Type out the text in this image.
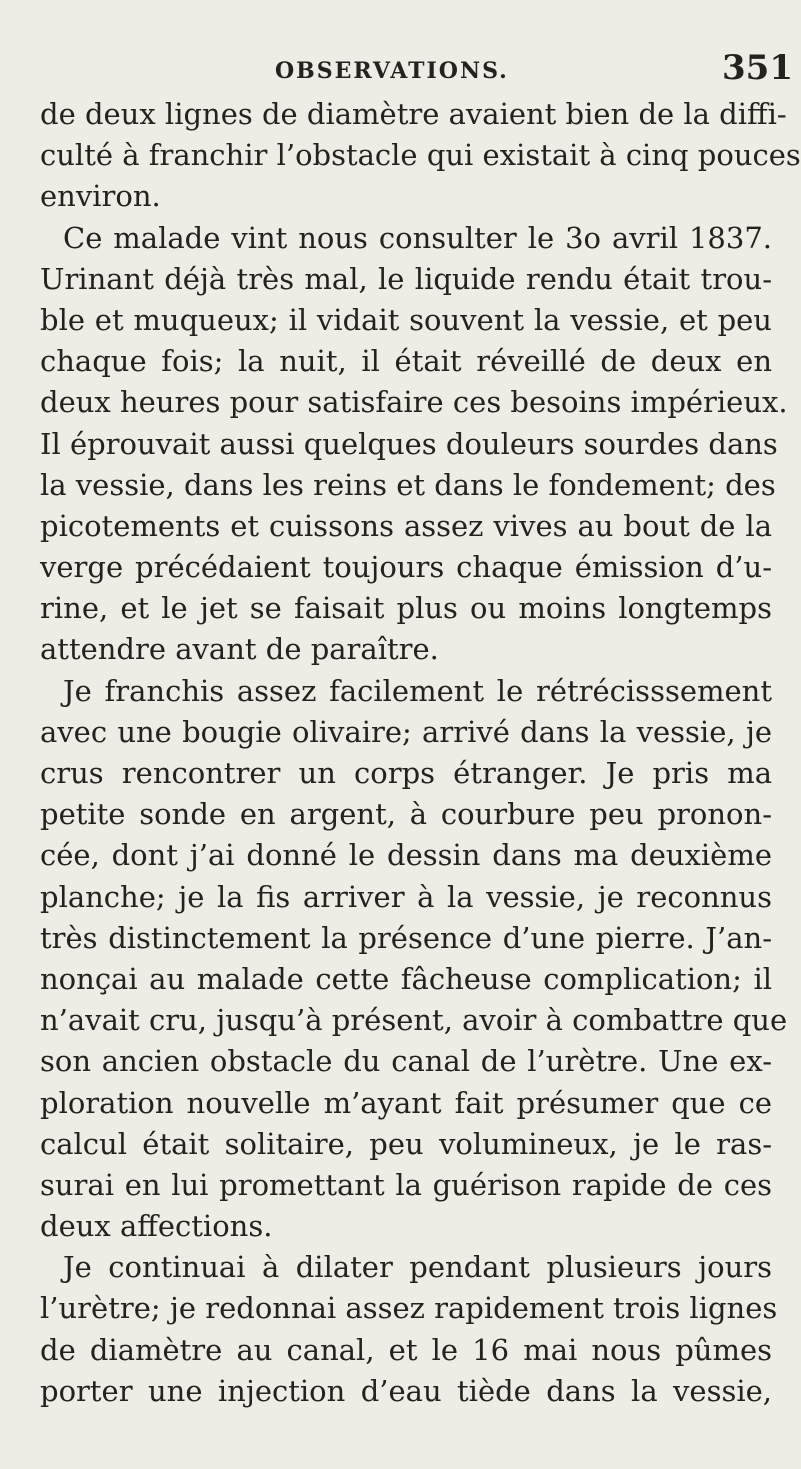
OBSERVATIONS.	351
de deux lignes de diamètre avaient bien de la diffi-
culté à franchir l’obstacle qui existait à cinq pouces
environ.
Ce malade vint nous consulter le 3o avril 1837.
Urinant déjà très mal, le liquide rendu était trou-
ble et muqueux; il vidait souvent la vessie, et peu
chaque fois; la nuit, il était réveillé de deux en
deux heures pour satisfaire ces besoins impérieux.
Il éprouvait aussi quelques douleurs sourdes dans
la vessie, dans les reins et dans le fondement; des
picotements et cuissons assez vives au bout de la
verge précédaient toujours chaque émission d’u-
rine, et le jet se faisait plus ou moins longtemps
attendre avant de paraître.
Je franchis assez facilement le rétrécisssement
avec une bougie olivaire; arrivé dans la vessie, je
crus rencontrer un corps étranger. Je pris ma
petite sonde en argent, à courbure peu pronon-
cée, dont j’ai donné le dessin dans ma deuxième
planche; je la fis arriver à la vessie, je reconnus
très distinctement la présence d’une pierre. J’an-
nonçai au malade cette fâcheuse complication; il
n’avait cru, jusqu’à présent, avoir à combattre que
son ancien obstacle du canal de l’urètre. Une ex-
ploration nouvelle m’ayant fait présumer que ce
calcul était solitaire, peu volumineux, je le ras-
surai en lui promettant la guérison rapide de ces
deux affections.
Je continuai à dilater pendant plusieurs jours
l’urètre; je redonnai assez rapidement trois lignes
de diamètre au canal, et le 16 mai nous pûmes
porter une injection d’eau tiède dans la vessie,
